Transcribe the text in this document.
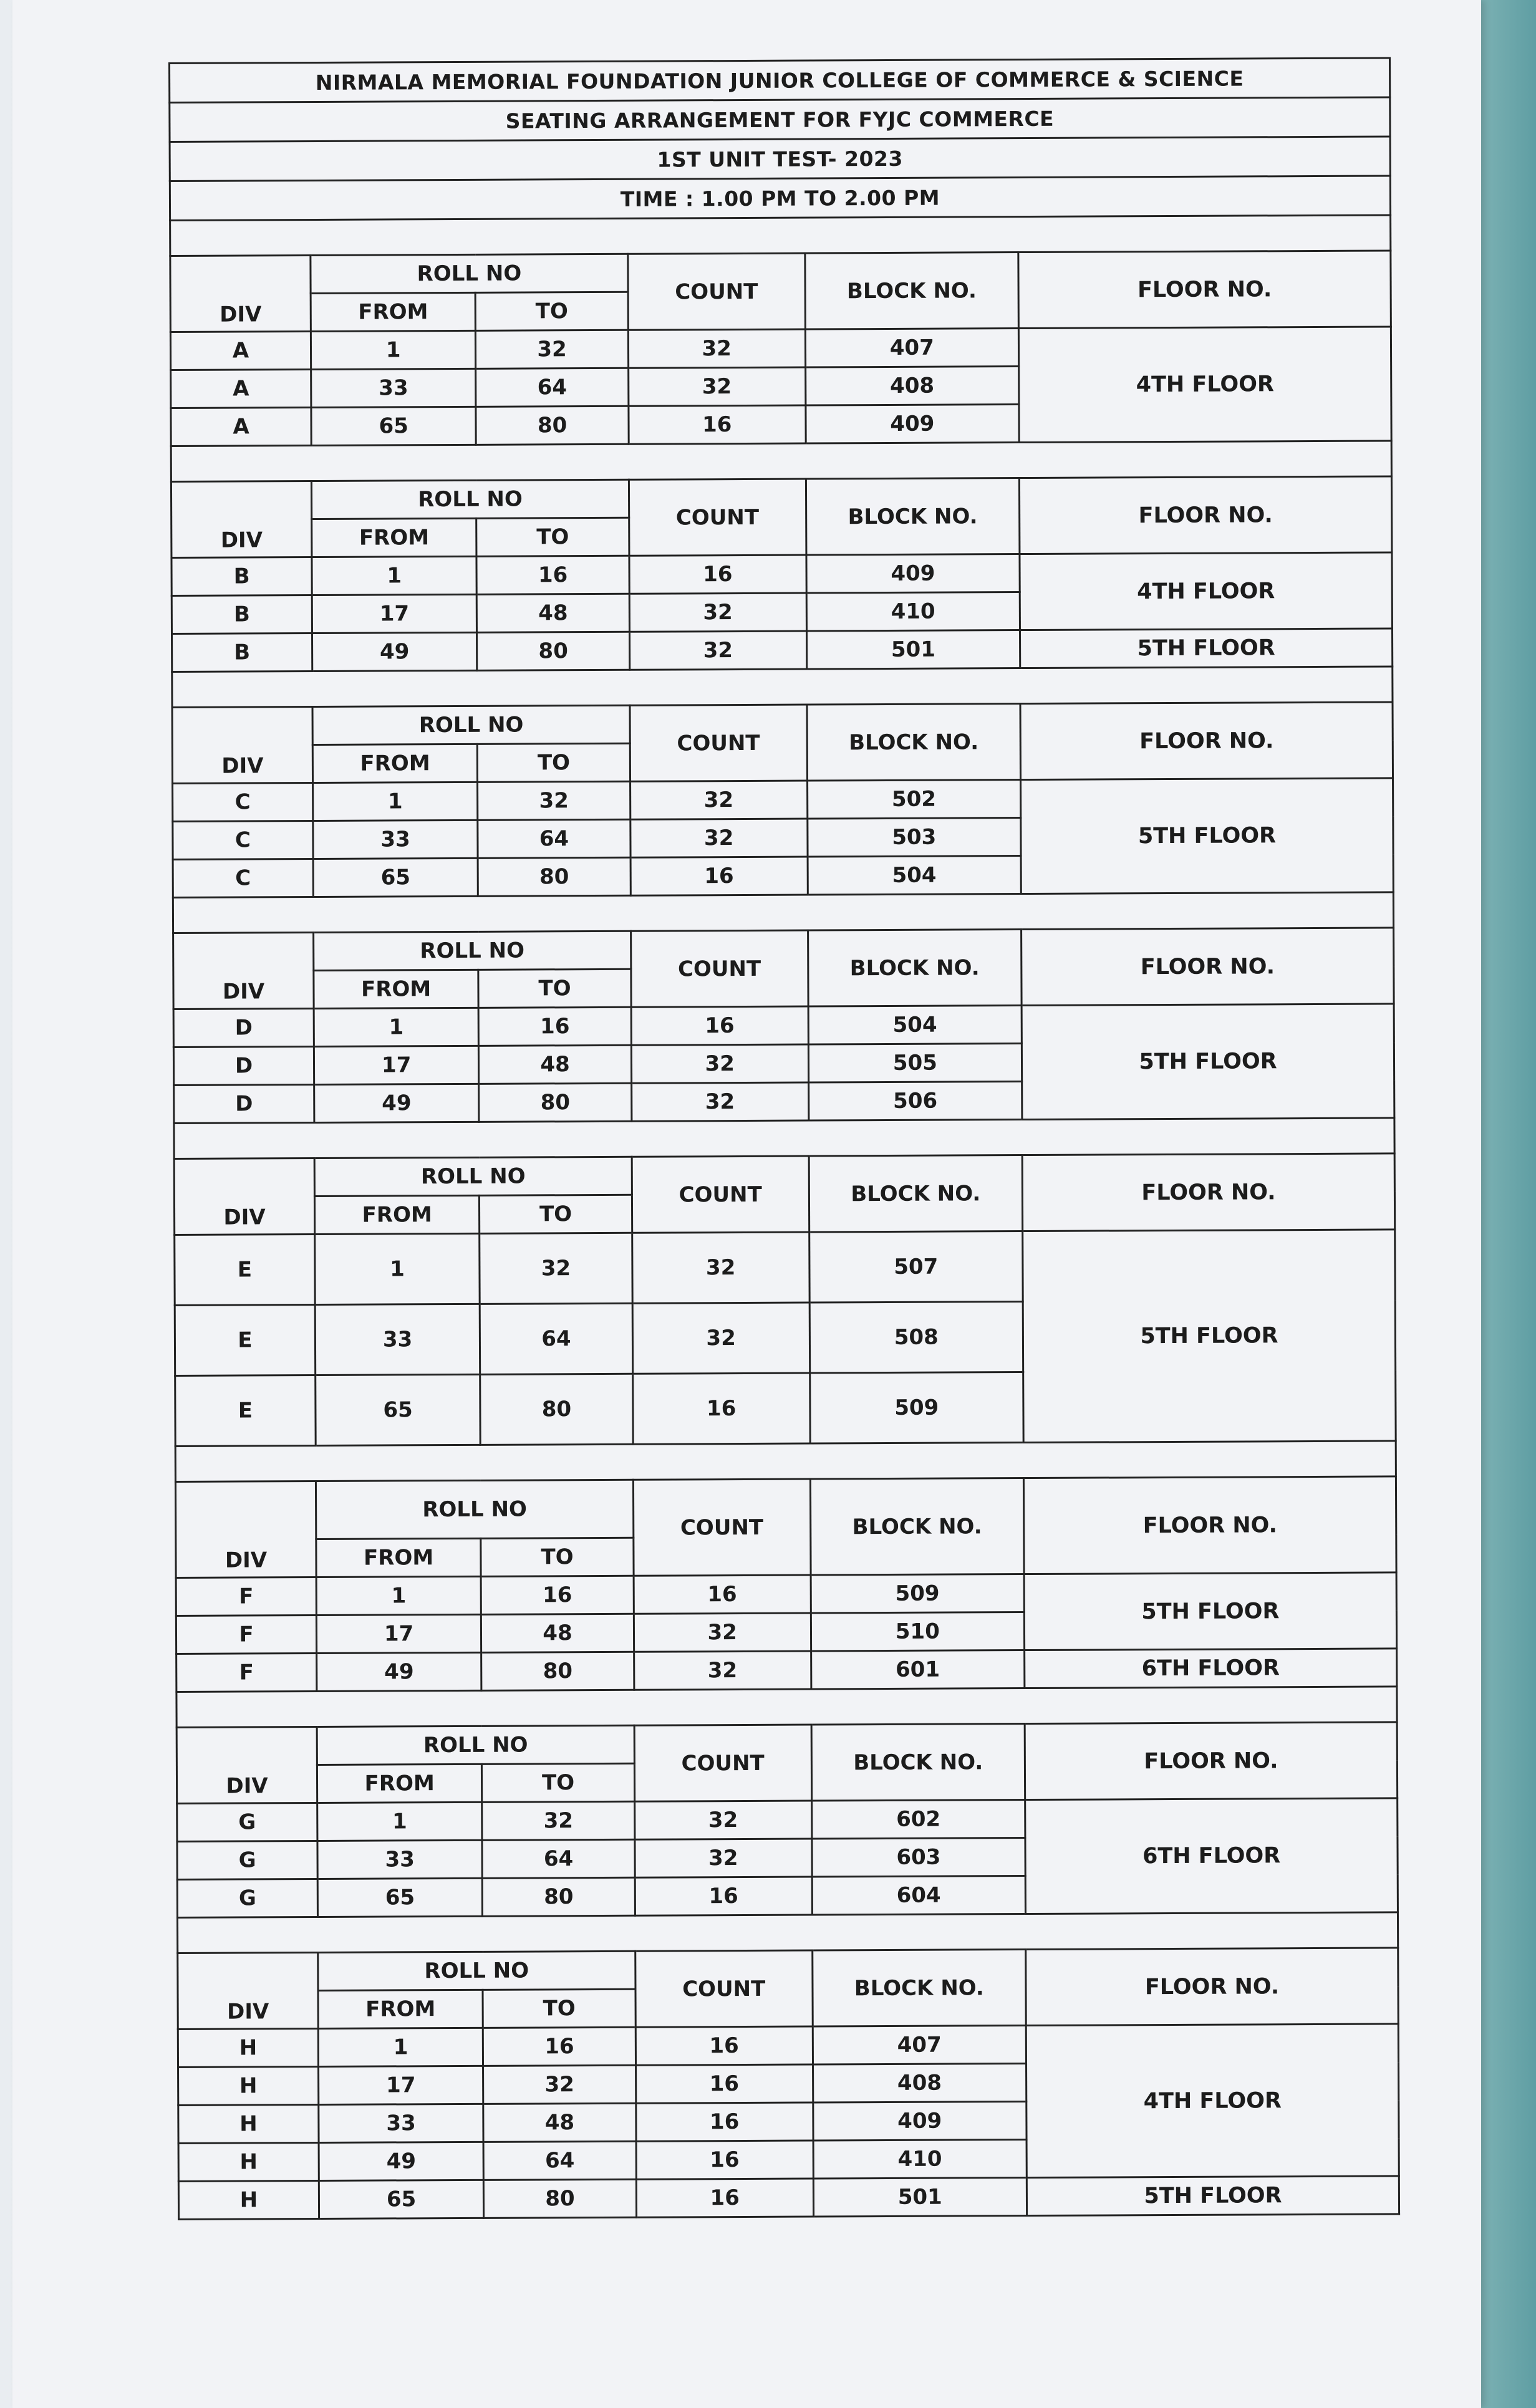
NIRMALA MEMORIAL FOUNDATION JUNIOR COLLEGE OF COMMERCE & SCIENCE
SEATING ARRANGEMENT FOR FYJC COMMERCE
1ST UNIT TEST- 2023
TIME : 1.00 PM TO 2.00 PM
DIV	ROLL NO		COUNT	BLOCK NO.	FLOOR NO.
	FROM	TO			
A	1	32	32	407	4TH FLOOR
A	33	64	32	408	
A	65	80	16	409	
DIV	ROLL NO		COUNT	BLOCK NO.	FLOOR NO.
	FROM	TO			
B	1	16	16	409	4TH FLOOR
B	17	48	32	410	
B	49	80	32	501	5TH FLOOR
DIV	ROLL NO		COUNT	BLOCK NO.	FLOOR NO.
	FROM	TO			
C	1	32	32	502	5TH FLOOR
C	33	64	32	503	
C	65	80	16	504	
DIV	ROLL NO		COUNT	BLOCK NO.	FLOOR NO.
	FROM	TO			
D	1	16	16	504	5TH FLOOR
D	17	48	32	505	
D	49	80	32	506	
DIV	ROLL NO		COUNT	BLOCK NO.	FLOOR NO.
	FROM	TO			
E	1	32	32	507	5TH FLOOR
E	33	64	32	508	
E	65	80	16	509	
DIV	ROLL NO		COUNT	BLOCK NO.	FLOOR NO.
	FROM	TO			
F	1	16	16	509	5TH FLOOR
F	17	48	32	510	
F	49	80	32	601	6TH FLOOR
DIV	ROLL NO		COUNT	BLOCK NO.	FLOOR NO.
	FROM	TO			
G	1	32	32	602	6TH FLOOR
G	33	64	32	603	
G	65	80	16	604	
DIV	ROLL NO		COUNT	BLOCK NO.	FLOOR NO.
	FROM	TO			
H	1	16	16	407	4TH FLOOR
H	17	32	16	408	
H	33	48	16	409	
H	49	64	16	410	
H	65	80	16	501	5TH FLOOR
